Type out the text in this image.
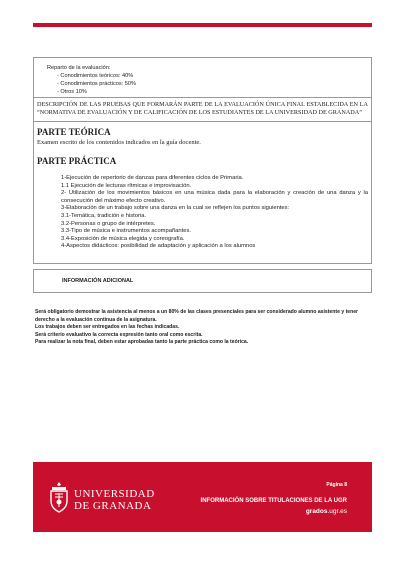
Reparto de la evaluación:
- Conodimientos teóricos: 40%
- Conodimientos prácticos: 50%
- Otros 10%
DESCRIPCIÓN DE LAS PRUEBAS QUE FORMARÁN PARTE DE LA EVALUACIÓN ÚNICA FINAL ESTABLECIDA EN LA “NORMATIVA DE EVALUACIÓN Y DE CALIFICACIÓN DE LOS ESTUDIANTES DE LA UNIVERSIDAD DE GRANADA”
PARTE TEÓRICA
Examen escrito de los contenidos indicados en la guía docente.
PARTE PRÁCTICA
1-Ejecución de repertorio de danzas para diferentes ciclos de Primaria.
1.1 Ejecución de lecturas rítmicas e improvisación.
2- Utilización de los movimientos básicos en una música dada para la elaboración y creación de una danza y la consecución del máximo efecto creativo.
3-Elaboración de un trabajo sobre una danza en la cual se reflejen los puntos siguientes:
3.1-Temática, tradición e historia.
3.2-Personas o grupo de intérpretes.
3.3-Tipo de música e instrumentos acompañantes.
3.4-Exposición de música elegida y coreografía.
4-Aspectos didácticos: posibilidad de adaptación y aplicación a los alumnos
INFORMACIÓN ADICIONAL
Será obligatorio demostrar la asistencia al menos a un 80% de las clases presenciales para ser considerado alumno asistente y tener derecho a la evaluación continua de la asignatura.
Los trabajos deben ser entregados en las fechas indicadas.
Será criterio evaluativo la correcta expresión tanto oral como escrita.
Para realizar la nota final, deben estar aprobadas tanto la parte práctica como la teórica.
UNIVERSIDAD
DE GRANADA
Página 8
INFORMACIÓN SOBRE TITULACIONES DE LA UGR
grados.ugr.es
